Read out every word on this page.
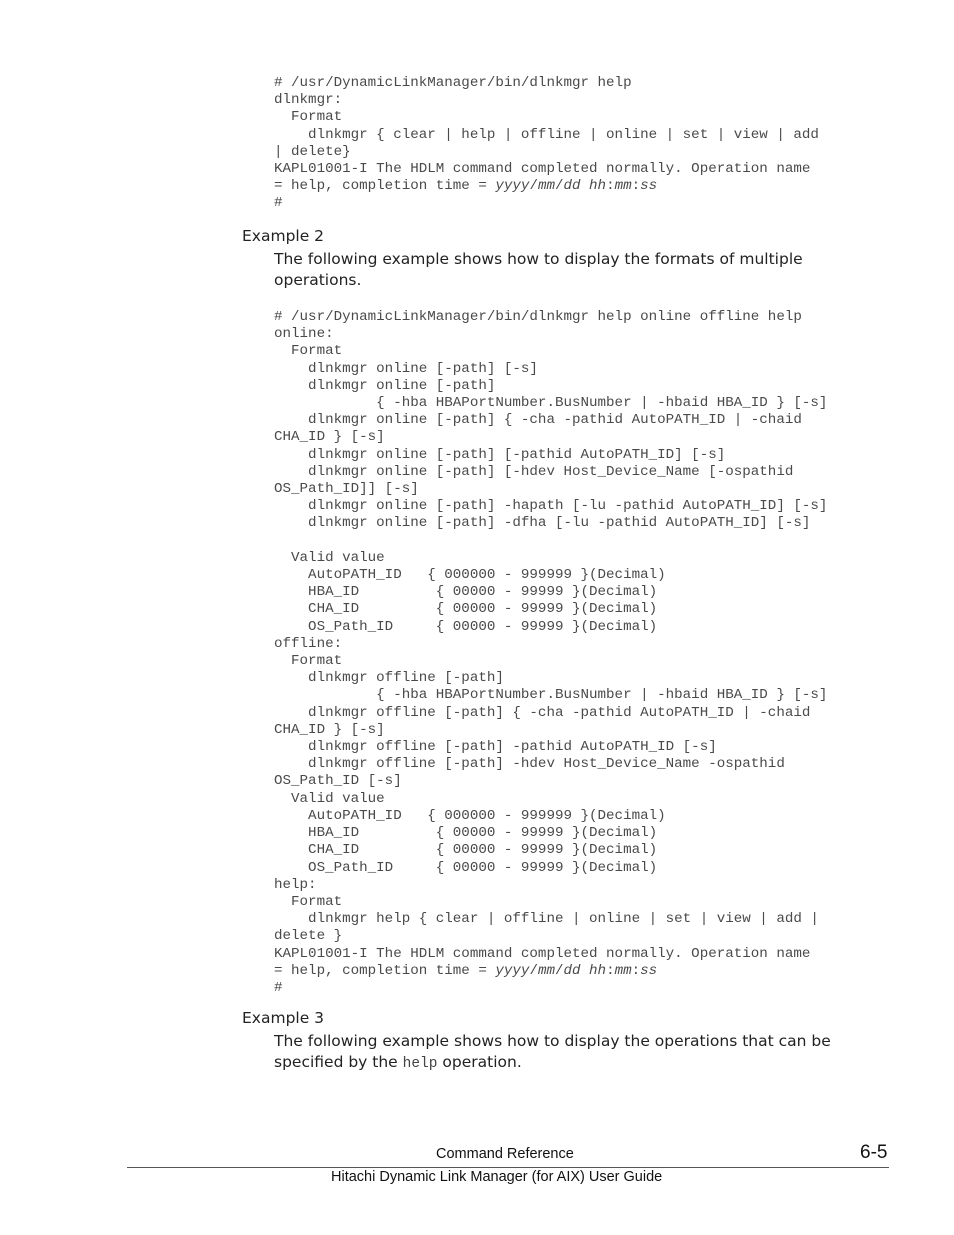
# /usr/DynamicLinkManager/bin/dlnkmgr help
dlnkmgr:
Format
dlnkmgr { clear | help | offline | online | set | view | add
| delete}
KAPL01001-I The HDLM command completed normally. Operation name
= help, completion time = yyyy/mm/dd hh:mm:ss
#
Example 2
The following example shows how to display the formats of multiple operations.
# /usr/DynamicLinkManager/bin/dlnkmgr help online offline help
online:
Format
dlnkmgr online [-path] [-s]
dlnkmgr online [-path]
{ -hba HBAPortNumber.BusNumber | -hbaid HBA_ID } [-s]
dlnkmgr online [-path] { -cha -pathid AutoPATH_ID | -chaid
CHA_ID } [-s]
dlnkmgr online [-path] [-pathid AutoPATH_ID] [-s]
dlnkmgr online [-path] [-hdev Host_Device_Name [-ospathid
OS_Path_ID]] [-s]
dlnkmgr online [-path] -hapath [-lu -pathid AutoPATH_ID] [-s]
dlnkmgr online [-path] -dfha [-lu -pathid AutoPATH_ID] [-s]

Valid value
AutoPATH_ID   { 000000 - 999999 }(Decimal)
HBA_ID         { 00000 - 99999 }(Decimal)
CHA_ID         { 00000 - 99999 }(Decimal)
OS_Path_ID     { 00000 - 99999 }(Decimal)
offline:
Format
dlnkmgr offline [-path]
{ -hba HBAPortNumber.BusNumber | -hbaid HBA_ID } [-s]
dlnkmgr offline [-path] { -cha -pathid AutoPATH_ID | -chaid
CHA_ID } [-s]
dlnkmgr offline [-path] -pathid AutoPATH_ID [-s]
dlnkmgr offline [-path] -hdev Host_Device_Name -ospathid
OS_Path_ID [-s]
Valid value
AutoPATH_ID   { 000000 - 999999 }(Decimal)
HBA_ID         { 00000 - 99999 }(Decimal)
CHA_ID         { 00000 - 99999 }(Decimal)
OS_Path_ID     { 00000 - 99999 }(Decimal)
help:
Format
dlnkmgr help { clear | offline | online | set | view | add |
delete }
KAPL01001-I The HDLM command completed normally. Operation name
= help, completion time = yyyy/mm/dd hh:mm:ss
#
Example 3
The following example shows how to display the operations that can be specified by the help operation.
Command Reference	6-5
Hitachi Dynamic Link Manager (for AIX) User Guide
